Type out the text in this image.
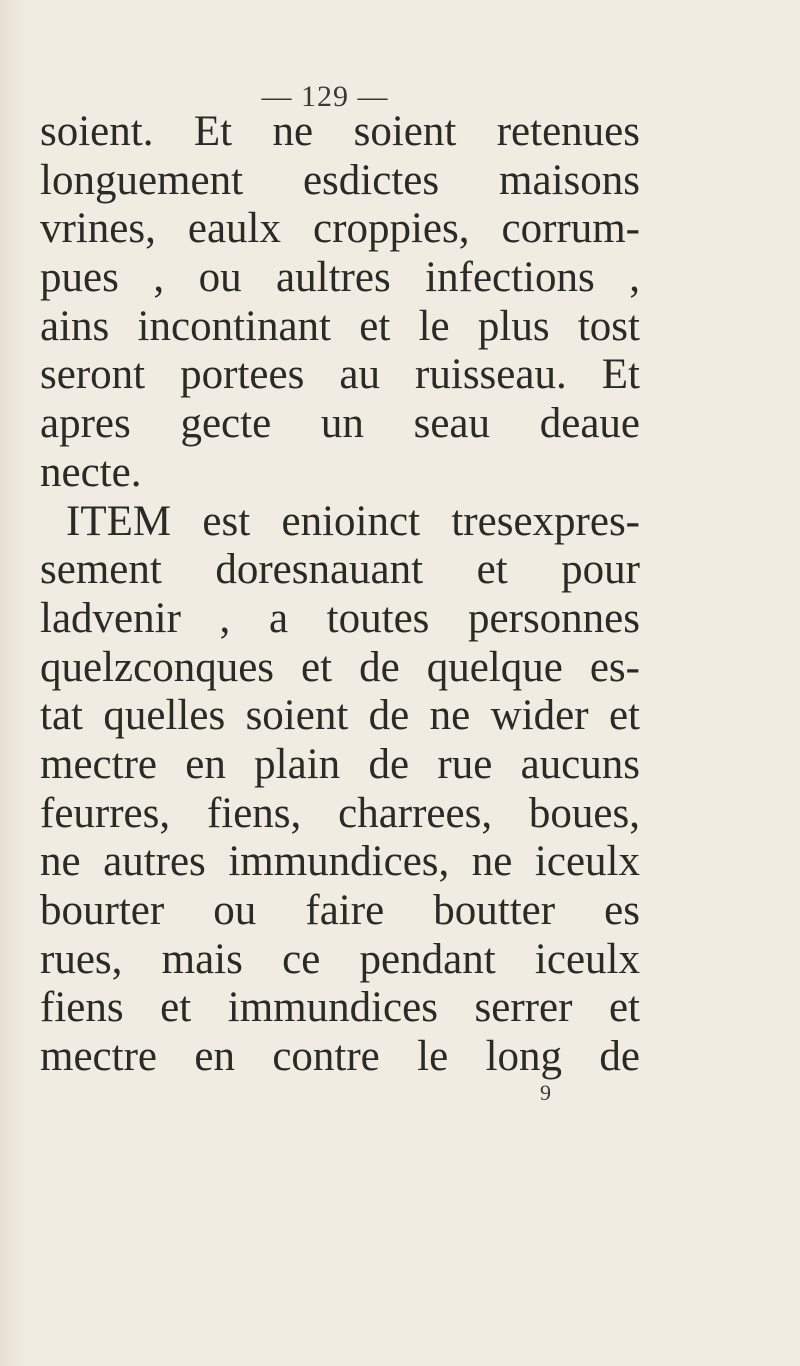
— 129 —
soient. Et ne soient retenues
longuement esdictes maisons
vrines, eaulx croppies, corrum-
pues , ou aultres infections ,
ains incontinant et le plus tost
seront portees au ruisseau. Et
apres gecte un seau deaue
necte.
ITEM est enioinct tresexpres-
sement doresnauant et pour
ladvenir , a toutes personnes
quelzconques et de quelque es-
tat quelles soient de ne wider et
mectre en plain de rue aucuns
feurres, fiens, charrees, boues,
ne autres immundices, ne iceulx
bourter ou faire boutter es
rues, mais ce pendant iceulx
fiens et immundices serrer et
mectre en contre le long de
9
